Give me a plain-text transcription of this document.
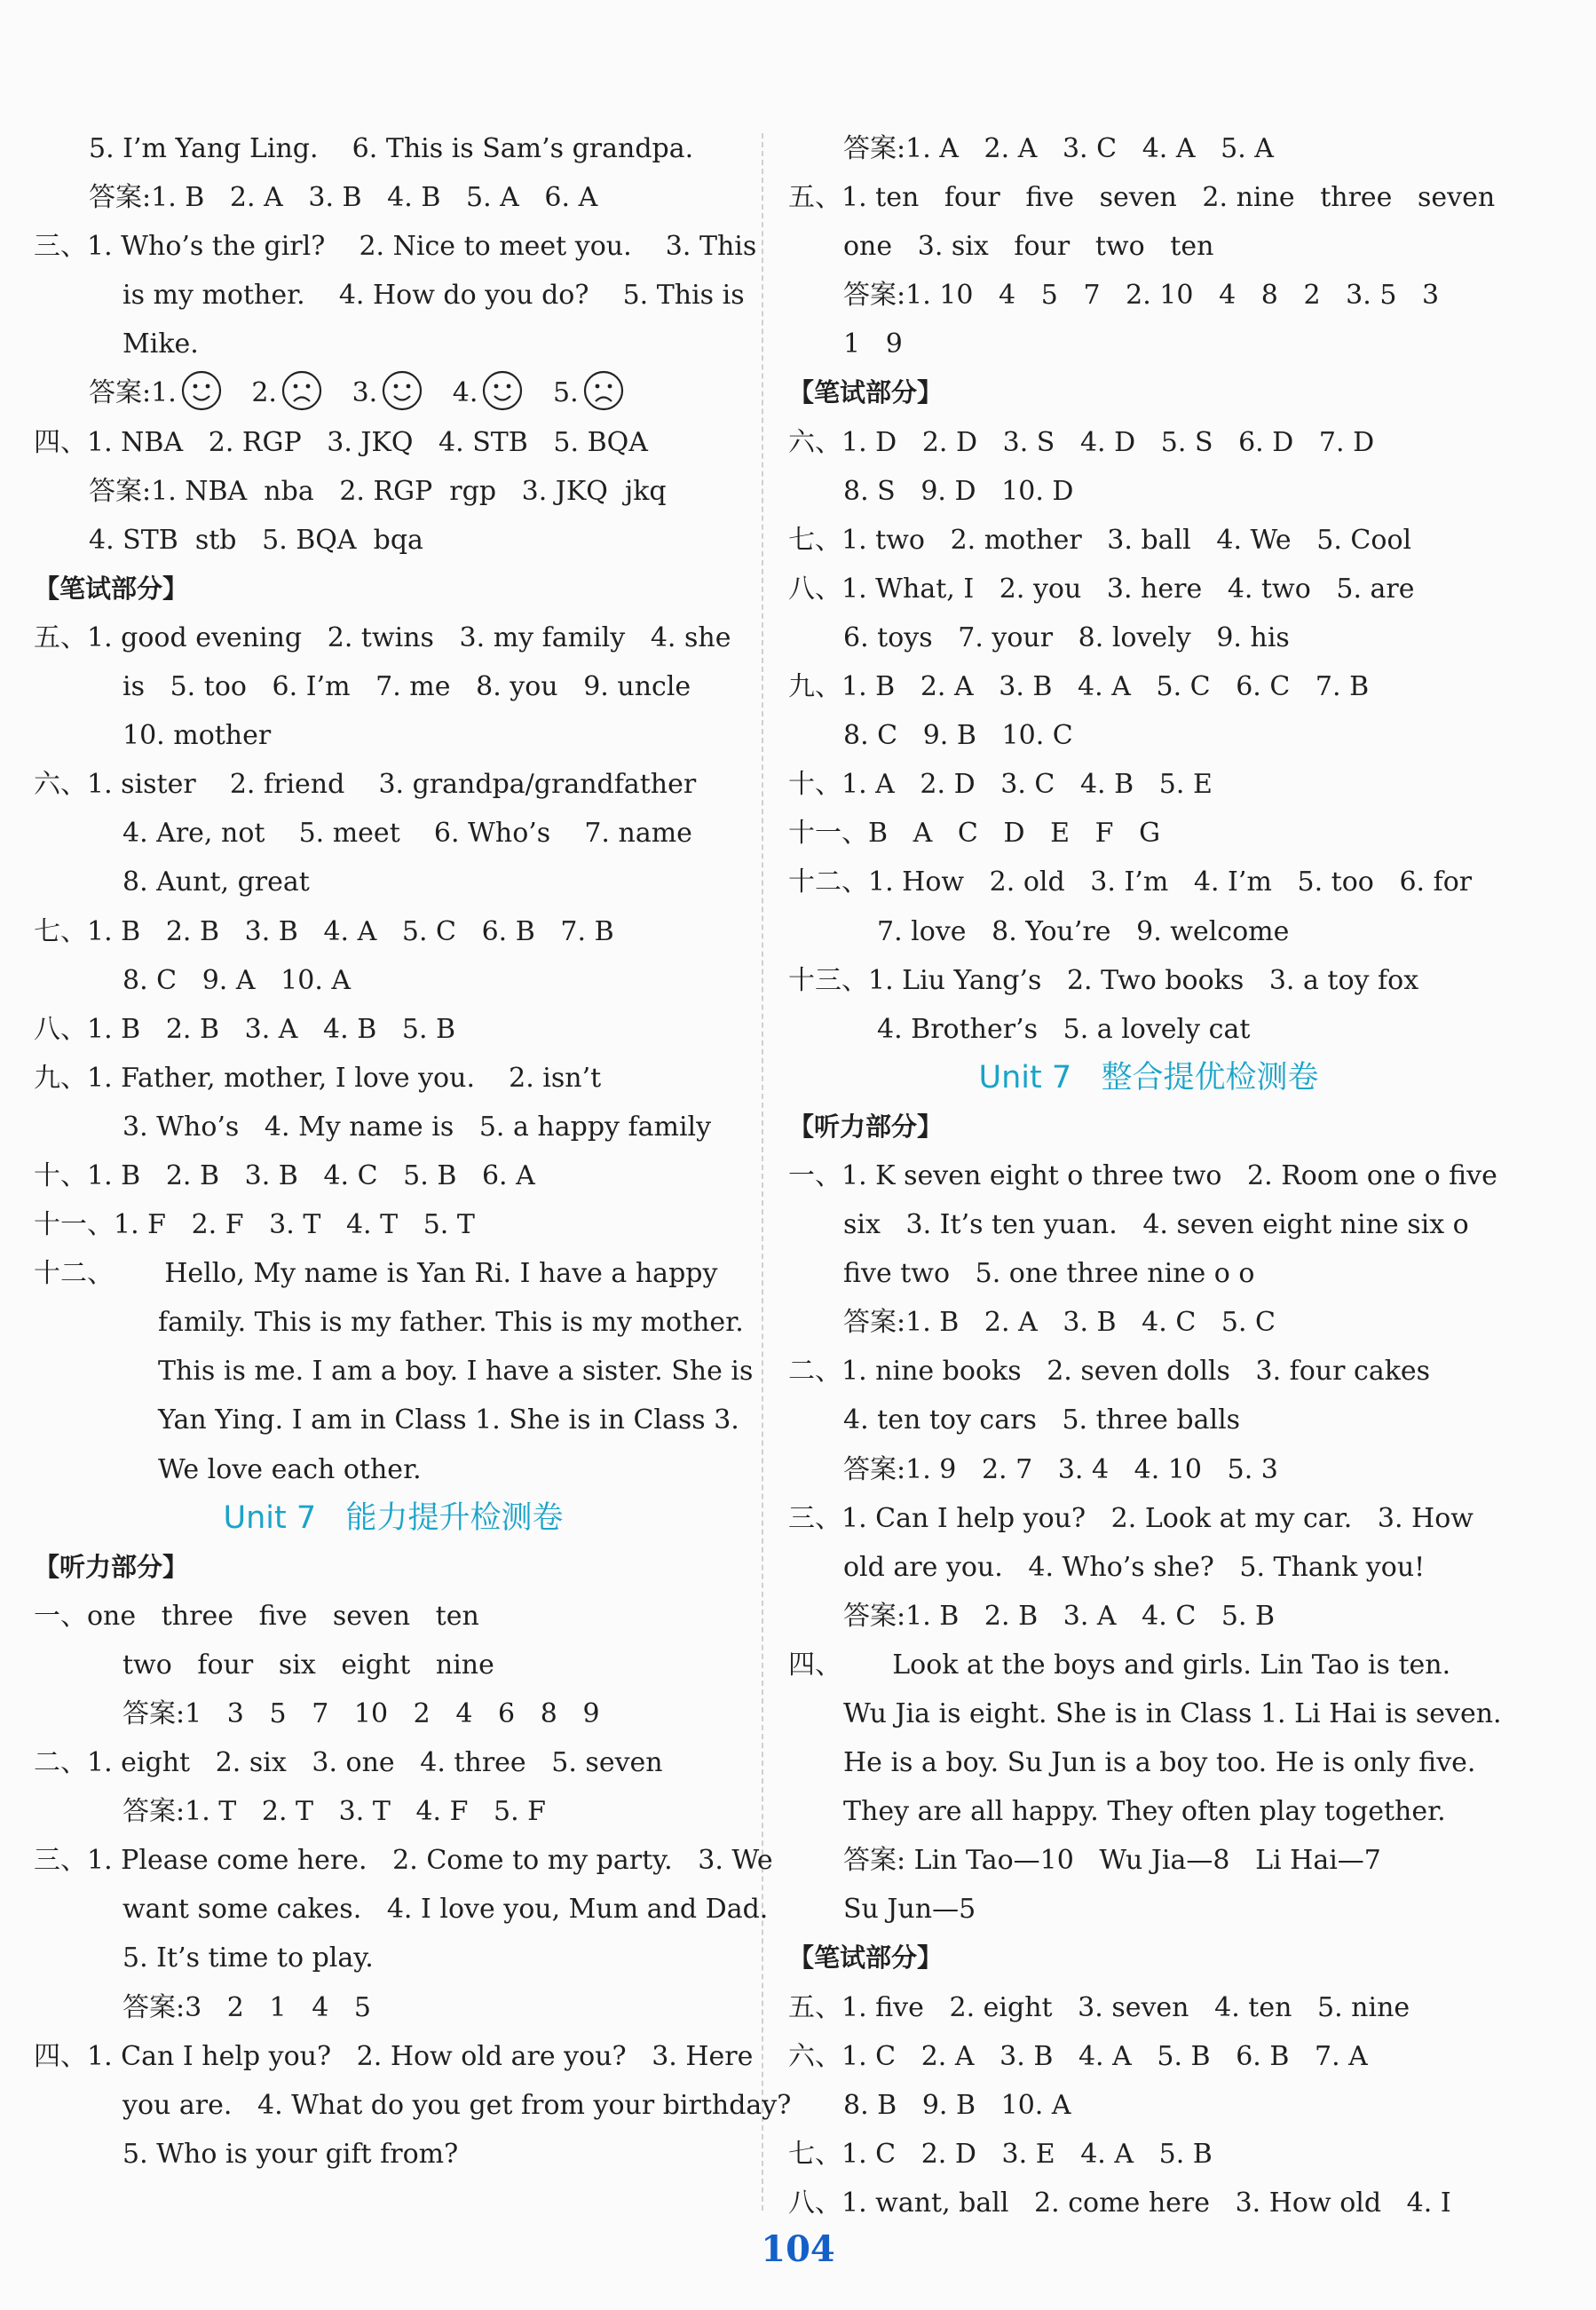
5. I’m Yang Ling.    6. This is Sam’s grandpa.
答案:1. B   2. A   3. B   4. B   5. A   6. A
三、1. Who’s the girl?    2. Nice to meet you.    3. This
is my mother.    4. How do you do?    5. This is
Mike.
答案:1.   2.   3.   4.   5.
四、1. NBA   2. RGP   3. JKQ   4. STB   5. BQA
答案:1. NBA  nba   2. RGP  rgp   3. JKQ  jkq
4. STB  stb   5. BQA  bqa
【笔试部分】
五、1. good evening   2. twins   3. my family   4. she
is   5. too   6. I’m   7. me   8. you   9. uncle
10. mother
六、1. sister    2. friend    3. grandpa/grandfather
4. Are, not    5. meet    6. Who’s    7. name
8. Aunt, great
七、1. B   2. B   3. B   4. A   5. C   6. B   7. B
8. C   9. A   10. A
八、1. B   2. B   3. A   4. B   5. B
九、1. Father, mother, I love you.    2. isn’t
3. Who’s   4. My name is   5. a happy family
十、1. B   2. B   3. B   4. C   5. B   6. A
十一、1. F   2. F   3. T   4. T   5. T
十二、      Hello, My name is Yan Ri. I have a happy
family. This is my father. This is my mother.
This is me. I am a boy. I have a sister. She is
Yan Ying. I am in Class 1. She is in Class 3.
We love each other.
Unit 7   能力提升检测卷
【听力部分】
一、one   three   five   seven   ten
two   four   six   eight   nine
答案:1   3   5   7   10   2   4   6   8   9
二、1. eight   2. six   3. one   4. three   5. seven
答案:1. T   2. T   3. T   4. F   5. F
三、1. Please come here.   2. Come to my party.   3. We
want some cakes.   4. I love you, Mum and Dad.
5. It’s time to play.
答案:3   2   1   4   5
四、1. Can I help you?   2. How old are you?   3. Here
you are.   4. What do you get from your birthday?
5. Who is your gift from?
答案:1. A   2. A   3. C   4. A   5. A
五、1. ten   four   five   seven   2. nine   three   seven
one   3. six   four   two   ten
答案:1. 10   4   5   7   2. 10   4   8   2   3. 5   3
1   9
【笔试部分】
六、1. D   2. D   3. S   4. D   5. S   6. D   7. D
8. S   9. D   10. D
七、1. two   2. mother   3. ball   4. We   5. Cool
八、1. What, I   2. you   3. here   4. two   5. are
6. toys   7. your   8. lovely   9. his
九、1. B   2. A   3. B   4. A   5. C   6. C   7. B
8. C   9. B   10. C
十、1. A   2. D   3. C   4. B   5. E
十一、B   A   C   D   E   F   G
十二、1. How   2. old   3. I’m   4. I’m   5. too   6. for
7. love   8. You’re   9. welcome
十三、1. Liu Yang’s   2. Two books   3. a toy fox
4. Brother’s   5. a lovely cat
Unit 7   整合提优检测卷
【听力部分】
一、1. K seven eight o three two   2. Room one o five
six   3. It’s ten yuan.   4. seven eight nine six o
five two   5. one three nine o o
答案:1. B   2. A   3. B   4. C   5. C
二、1. nine books   2. seven dolls   3. four cakes
4. ten toy cars   5. three balls
答案:1. 9   2. 7   3. 4   4. 10   5. 3
三、1. Can I help you?   2. Look at my car.   3. How
old are you.   4. Who’s she?   5. Thank you!
答案:1. B   2. B   3. A   4. C   5. B
四、      Look at the boys and girls. Lin Tao is ten.
Wu Jia is eight. She is in Class 1. Li Hai is seven.
He is a boy. Su Jun is a boy too. He is only five.
They are all happy. They often play together.
答案: Lin Tao—10   Wu Jia—8   Li Hai—7
Su Jun—5
【笔试部分】
五、1. five   2. eight   3. seven   4. ten   5. nine
六、1. C   2. A   3. B   4. A   5. B   6. B   7. A
8. B   9. B   10. A
七、1. C   2. D   3. E   4. A   5. B
八、1. want, ball   2. come here   3. How old   4. I
104
